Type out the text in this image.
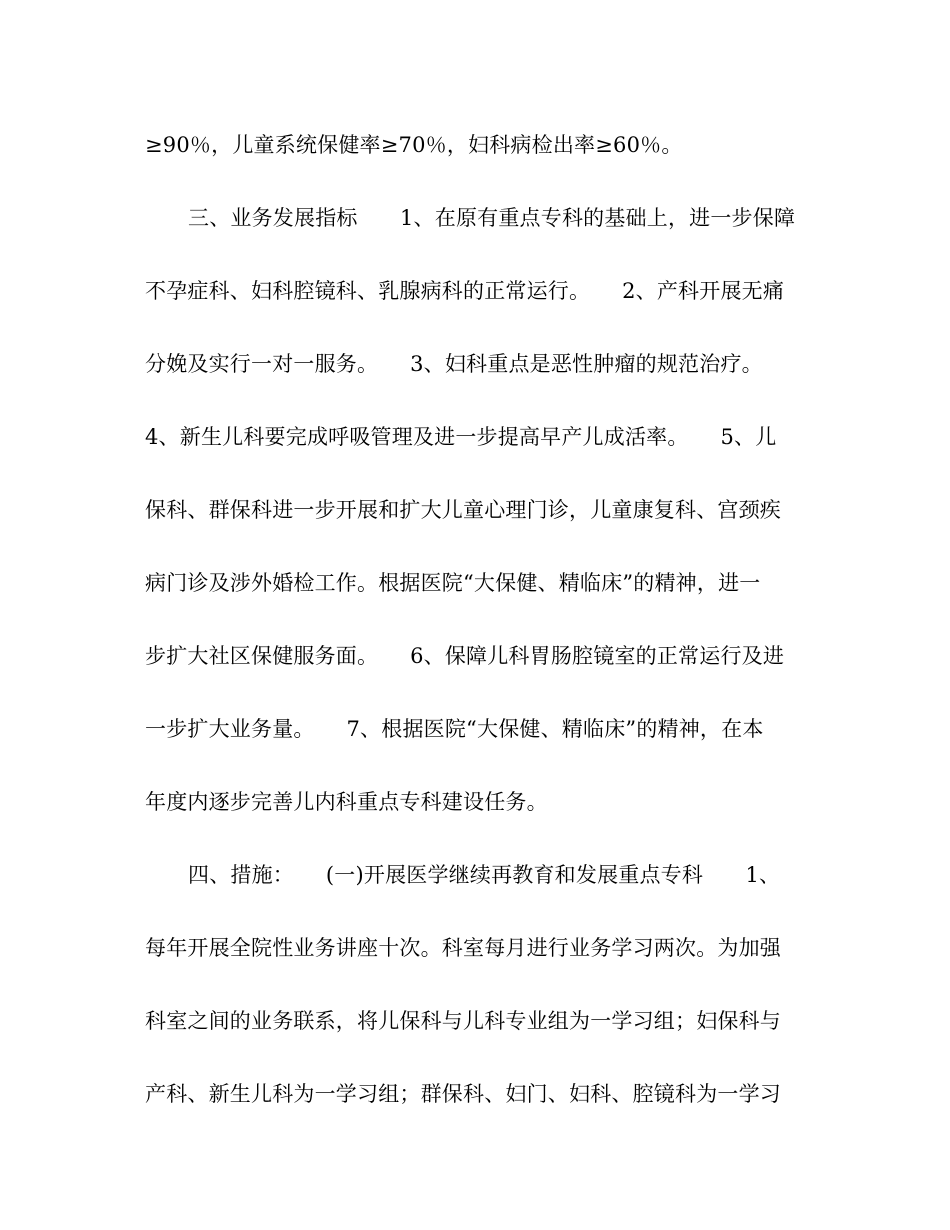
≥90％，儿童系统保健率≥70％，妇科病检出率≥60％。
三、业务发展指标　　1、在原有重点专科的基础上，进一步保障
不孕症科、妇科腔镜科、乳腺病科的正常运行。　　2、产科开展无痛
分娩及实行一对一服务。　　3、妇科重点是恶性肿瘤的规范治疗。
4、新生儿科要完成呼吸管理及进一步提高早产儿成活率。　　5、儿
保科、群保科进一步开展和扩大儿童心理门诊，儿童康复科、宫颈疾
病门诊及涉外婚检工作。根据医院“大保健、精临床”的精神，进一
步扩大社区保健服务面。　　6、保障儿科胃肠腔镜室的正常运行及进
一步扩大业务量。　　7、根据医院“大保健、精临床”的精神，在本
年度内逐步完善儿内科重点专科建设任务。
四、措施：　　(一)开展医学继续再教育和发展重点专科　　1、
每年开展全院性业务讲座十次。科室每月进行业务学习两次。为加强
科室之间的业务联系，将儿保科与儿科专业组为一学习组；妇保科与
产科、新生儿科为一学习组；群保科、妇门、妇科、腔镜科为一学习
